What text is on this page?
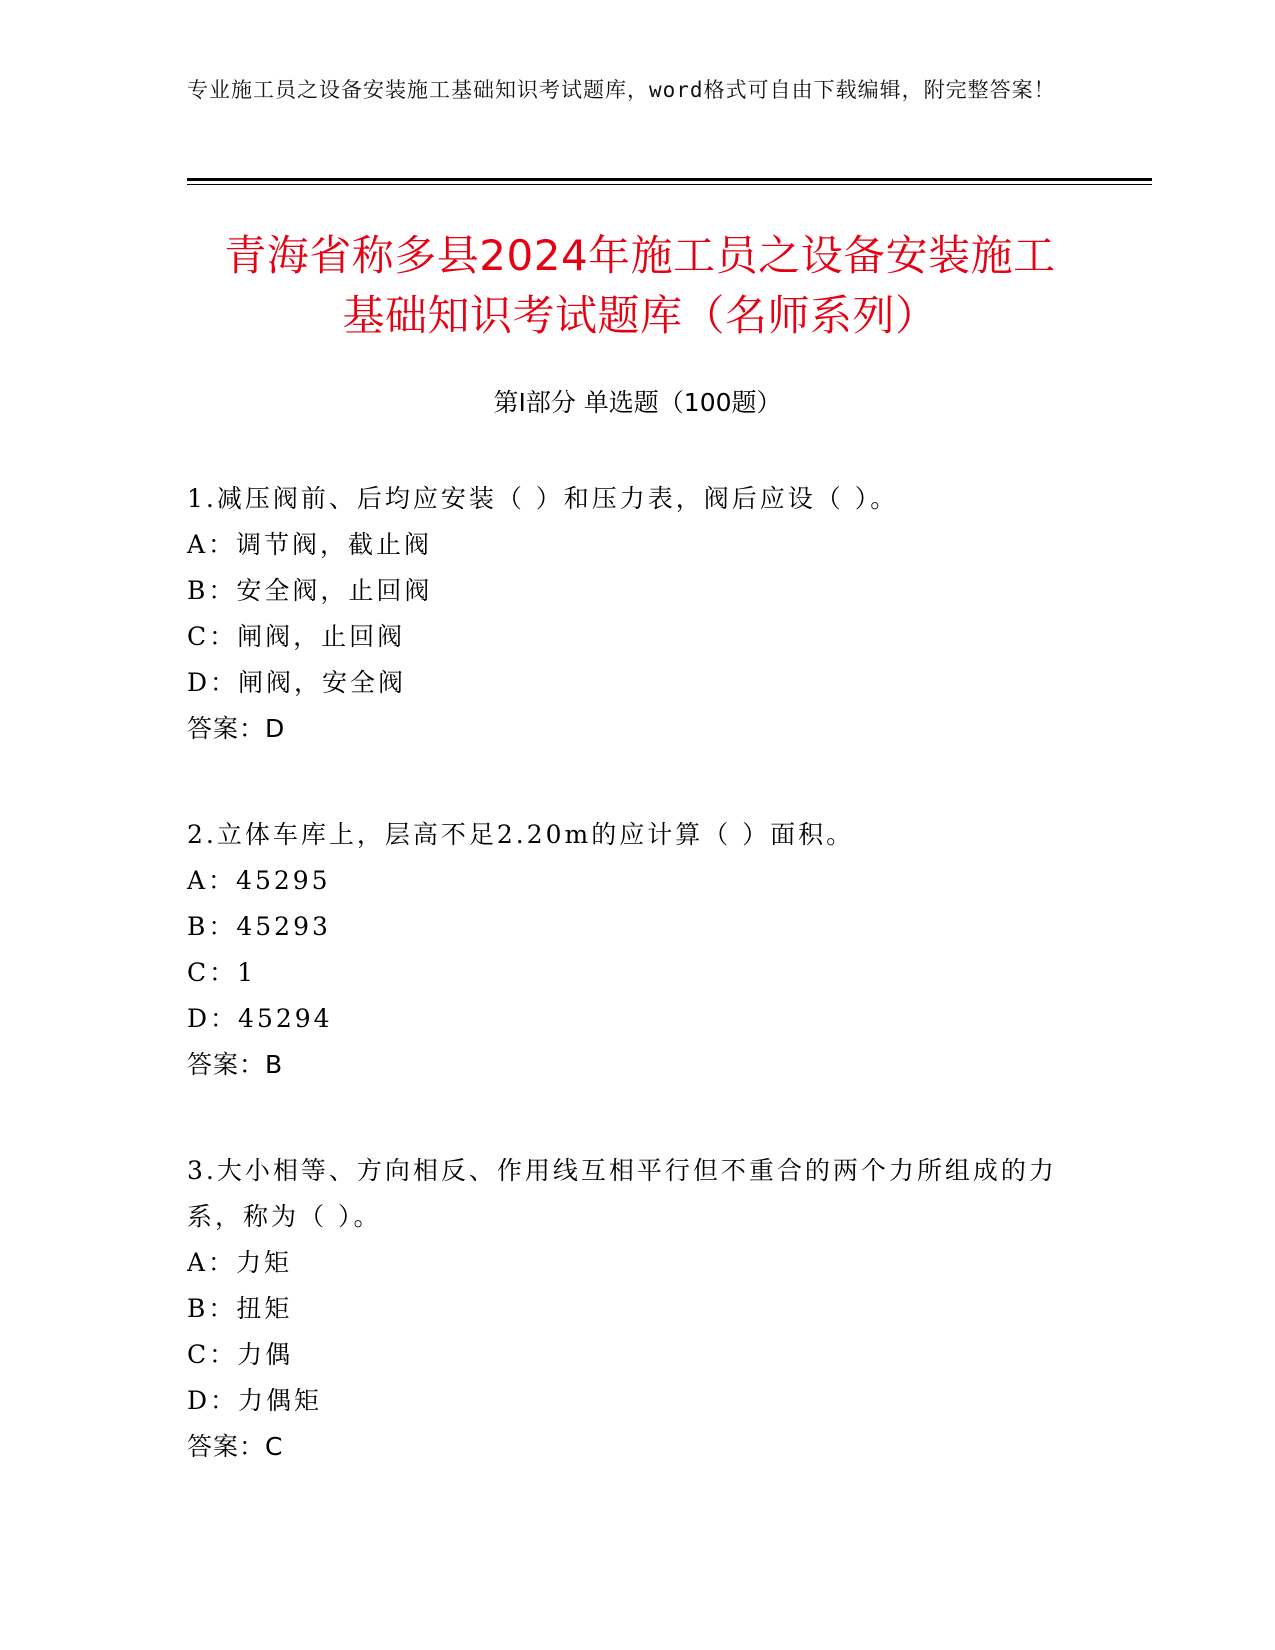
专业施工员之设备安装施工基础知识考试题库，word格式可自由下载编辑，附完整答案！
青海省称多县2024年施工员之设备安装施工
基础知识考试题库（名师系列）
第Ⅰ部分 单选题（100题）
1.减压阀前、后均应安装（ ）和压力表，阀后应设（ ）。
A：调节阀，截止阀
B：安全阀，止回阀
C：闸阀，止回阀
D：闸阀，安全阀
答案：D
2.立体车库上，层高不足2.20m的应计算（ ）面积。
A：45295
B：45293
C：1
D：45294
答案：B
3.大小相等、方向相反、作用线互相平行但不重合的两个力所组成的力系，称为（ ）。
A：力矩
B：扭矩
C：力偶
D：力偶矩
答案：C
